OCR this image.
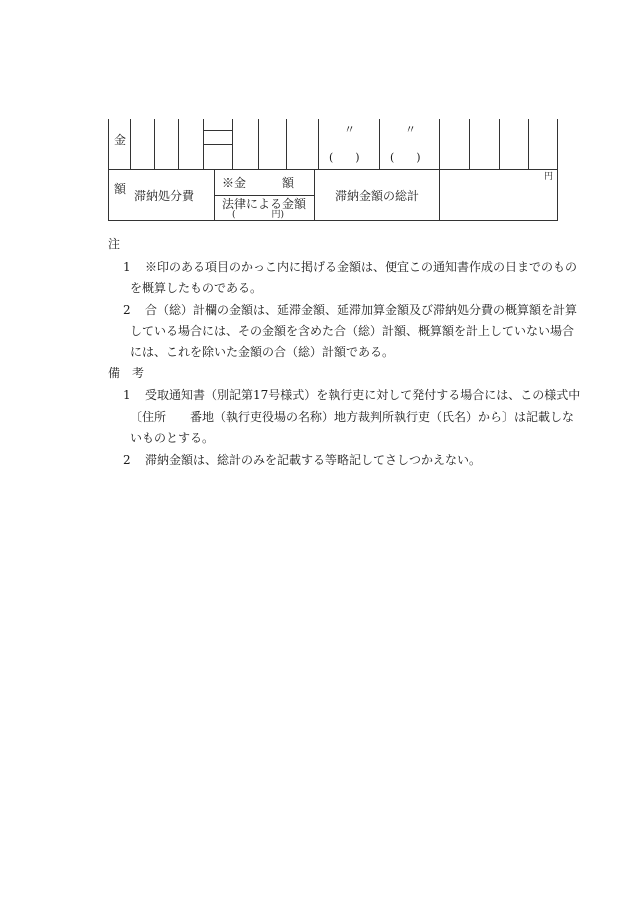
金
額
〃	〃
(　　)	(　　)
滞納処分費
※金　　　額
法律による金額
(　　　　円)
滞納金額の総計
円
注
1 ※印のある項目のかっこ内に掲げる金額は、便宜この通知書作成の日までのもの
を概算したものである。
2 合（総）計欄の金額は、延滞金額、延滞加算金額及び滞納処分費の概算額を計算
している場合には、その金額を含めた合（総）計額、概算額を計上していない場合
には、これを除いた金額の合（総）計額である。
備　考
1 受取通知書（別記第17号様式）を執行吏に対して発付する場合には、この様式中
〔住所　　番地（執行吏役場の名称）地方裁判所執行吏（氏名）から〕は記載しな
いものとする。
2 滞納金額は、総計のみを記載する等略記してさしつかえない。
